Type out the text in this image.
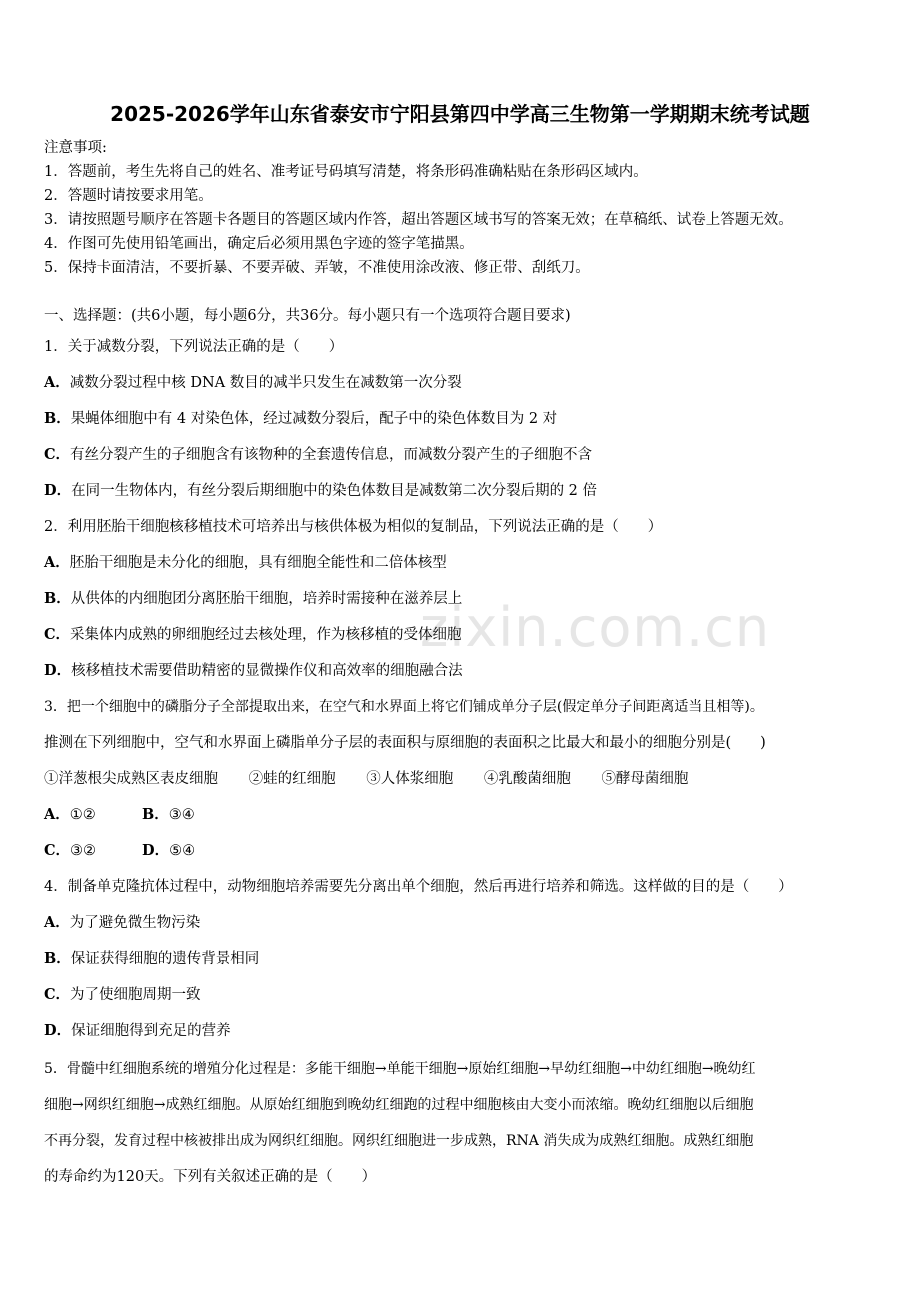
zixin.com.cn
2025-2026学年山东省泰安市宁阳县第四中学高三生物第一学期期末统考试题
注意事项:
1．答题前，考生先将自己的姓名、准考证号码填写清楚，将条形码准确粘贴在条形码区域内。
2．答题时请按要求用笔。
3．请按照题号顺序在答题卡各题目的答题区域内作答，超出答题区域书写的答案无效；在草稿纸、试卷上答题无效。
4．作图可先使用铅笔画出，确定后必须用黑色字迹的签字笔描黑。
5．保持卡面清洁，不要折暴、不要弄破、弄皱，不准使用涂改液、修正带、刮纸刀。
一、选择题：(共6小题，每小题6分，共36分。每小题只有一个选项符合题目要求)
1．关于减数分裂，下列说法正确的是（　　）
A．减数分裂过程中核 DNA 数目的减半只发生在减数第一次分裂
B．果蝇体细胞中有 4 对染色体，经过减数分裂后，配子中的染色体数目为 2 对
C．有丝分裂产生的子细胞含有该物种的全套遗传信息，而减数分裂产生的子细胞不含
D．在同一生物体内，有丝分裂后期细胞中的染色体数目是减数第二次分裂后期的 2 倍
2．利用胚胎干细胞核移植技术可培养出与核供体极为相似的复制品，下列说法正确的是（　　）
A．胚胎干细胞是未分化的细胞，具有细胞全能性和二倍体核型
B．从供体的内细胞团分离胚胎干细胞，培养时需接种在滋养层上
C．采集体内成熟的卵细胞经过去核处理，作为核移植的受体细胞
D．核移植技术需要借助精密的显微操作仪和高效率的细胞融合法
3．把一个细胞中的磷脂分子全部提取出来，在空气和水界面上将它们铺成单分子层(假定单分子间距离适当且相等)。
推测在下列细胞中，空气和水界面上磷脂单分子层的表面积与原细胞的表面积之比最大和最小的细胞分别是(　　)
①洋葱根尖成熟区表皮细胞 ②蛙的红细胞 ③人体浆细胞 ④乳酸菌细胞 ⑤酵母菌细胞
A．①②	B．③④
C．③②	D．⑤④
4．制备单克隆抗体过程中，动物细胞培养需要先分离出单个细胞，然后再进行培养和筛选。这样做的目的是（　　）
A．为了避免微生物污染
B．保证获得细胞的遗传背景相同
C．为了使细胞周期一致
D．保证细胞得到充足的营养
5．骨髓中红细胞系统的增殖分化过程是：多能干细胞→单能干细胞→原始红细胞→早幼红细胞→中幼红细胞→晚幼红
细胞→网织红细胞→成熟红细胞。从原始红细胞到晚幼红细跑的过程中细胞核由大变小而浓缩。晚幼红细胞以后细胞
不再分裂，发育过程中核被排出成为网织红细胞。网织红细胞进一步成熟，RNA 消失成为成熟红细胞。成熟红细胞
的寿命约为120天。下列有关叙述正确的是（　　）
